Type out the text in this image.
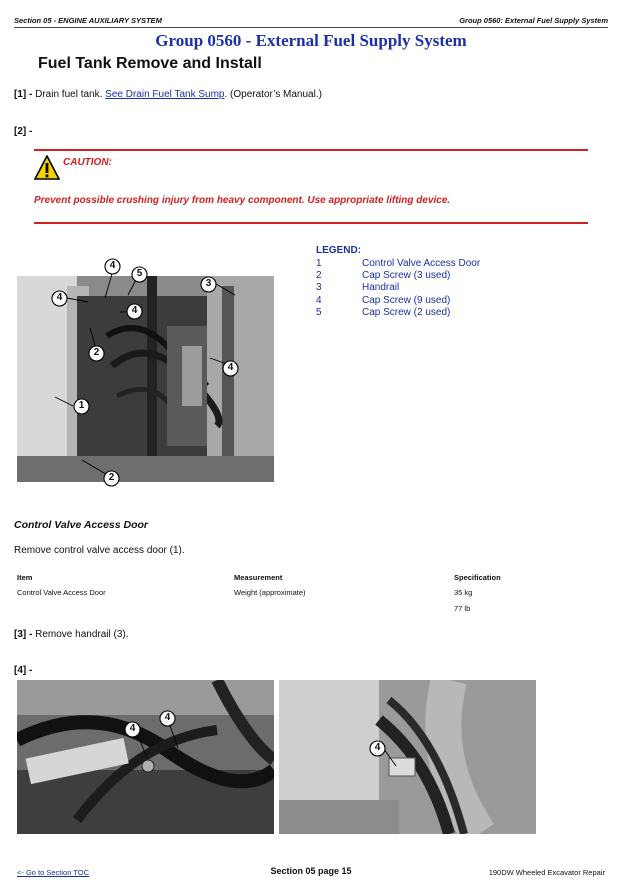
Section 05 - ENGINE AUXILIARY SYSTEM	Group 0560: External Fuel Supply System
Group 0560 - External Fuel Supply System
Fuel Tank Remove and Install
[1] - Drain fuel tank. See Drain Fuel Tank Sump. (Operator’s Manual.)
[2] -
CAUTION:
Prevent possible crushing injury from heavy component. Use appropriate lifting device.
4
5
4
4
3
2
4
1
2
LEGEND:
1	Control Valve Access Door
2	Cap Screw (3 used)
3	Handrail
4	Cap Screw (9 used)
5	Cap Screw (2 used)
Control Valve Access Door
Remove control valve access door (1).
Item	Measurement	Specification
Control Valve Access Door	Weight (approximate)	35 kg
77 lb
[3] - Remove handrail (3).
[4] -
4
4
4
<- Go to Section TOC	Section 05 page 15	190DW Wheeled Excavator Repair
